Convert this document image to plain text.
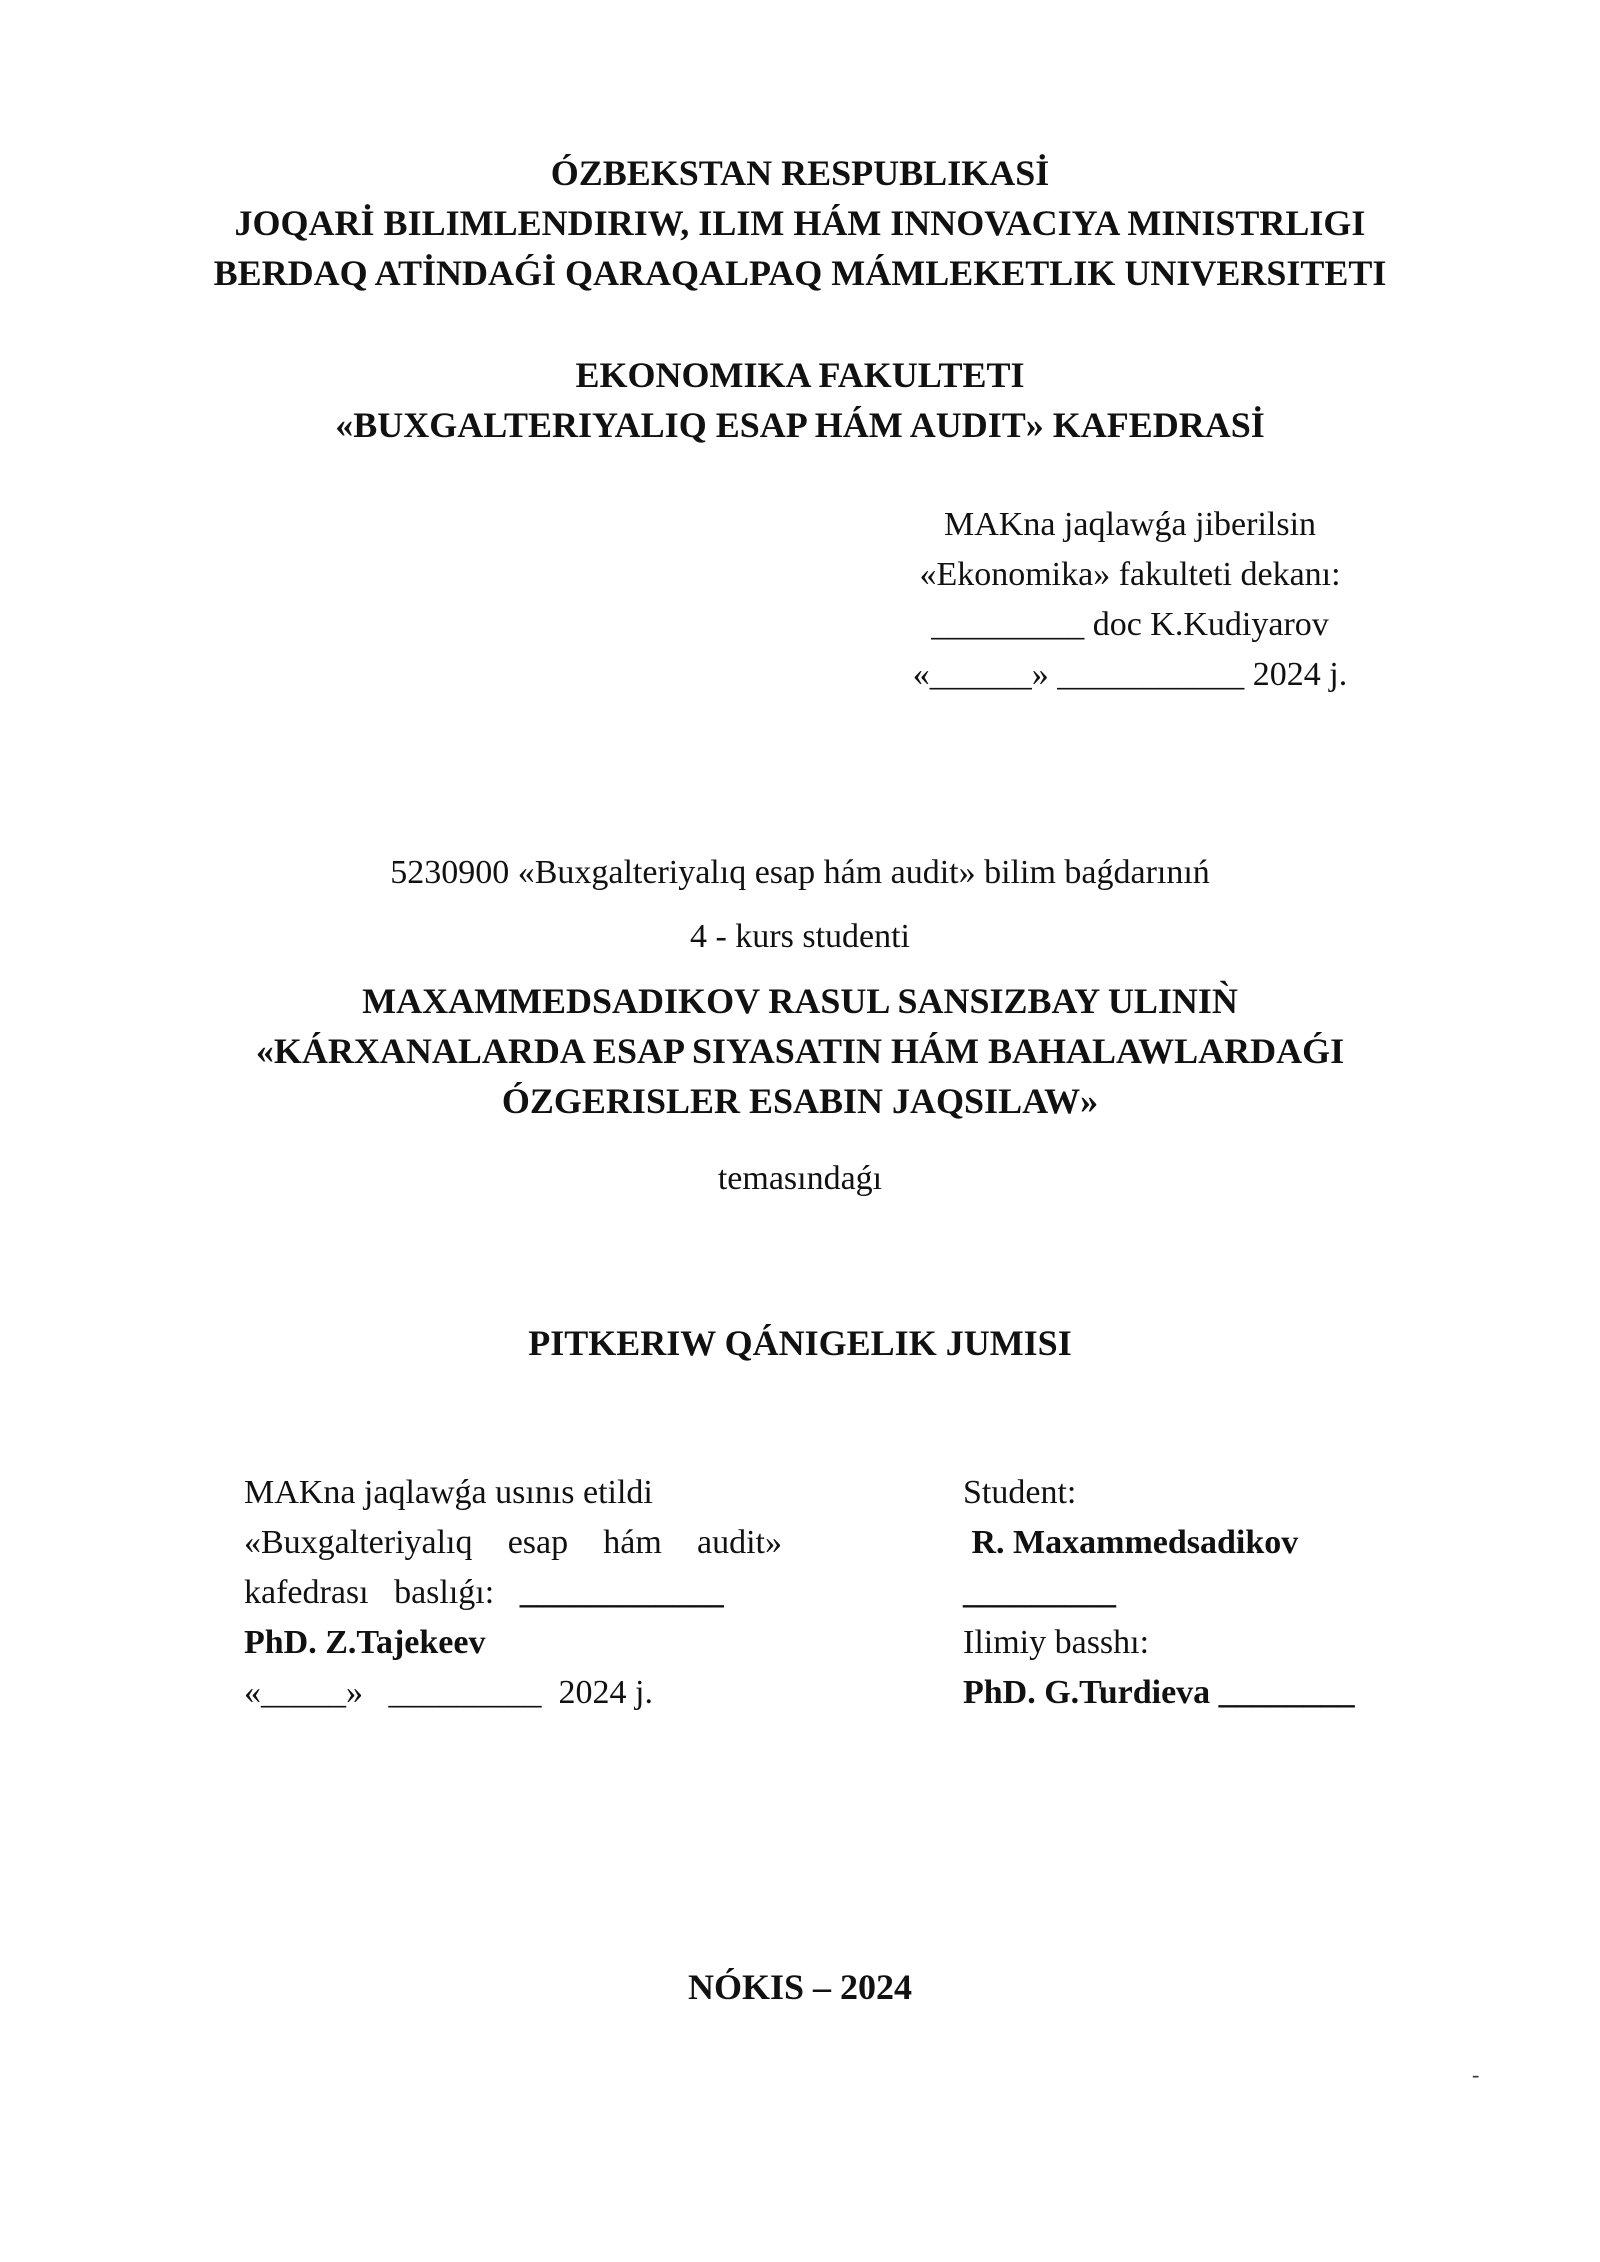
ÓZBEKSTAN RESPUBLIKASİ
JOQARİ BILIMLENDIRIW, ILIM HÁM INNOVACIYA MINISTRLIGI
BERDAQ ATİNDAǴİ QARAQALPAQ MÁMLEKETLIK UNIVERSITETI
EKONOMIKA FAKULTETI
«BUXGALTERIYALIQ ESAP HÁM AUDIT» KAFEDRASİ
MAKna jaqlawǵa jiberilsin
«Ekonomika» fakulteti dekanı:
_________ doc K.Kudiyarov
«______» ___________ 2024 j.
5230900 «Buxgalteriyalıq esap hám audit» bilim baǵdarınıń
4 - kurs studenti
MAXAMMEDSADIKOV RASUL SANSIZBAY ULINIǸ
«KÁRXANALARDA ESAP SIYASATIN HÁM BAHALAWLARDAǴI
ÓZGERISLER ESABIN JAQSILAW»
temasındaǵı
PITKERIW QÁNIGELIK JUMISI
MAKna jaqlawǵa usınıs etildi
«Buxgalteriyalıq esap hám audit»
kafedrası   baslıǵı: ____________
PhD. Z.Tajekeev
«_____»   _________  2024 j.
Student:
R. Maxammedsadikov
_________
Ilimiy basshı:
PhD. G.Turdieva ________
NÓKIS – 2024
-
